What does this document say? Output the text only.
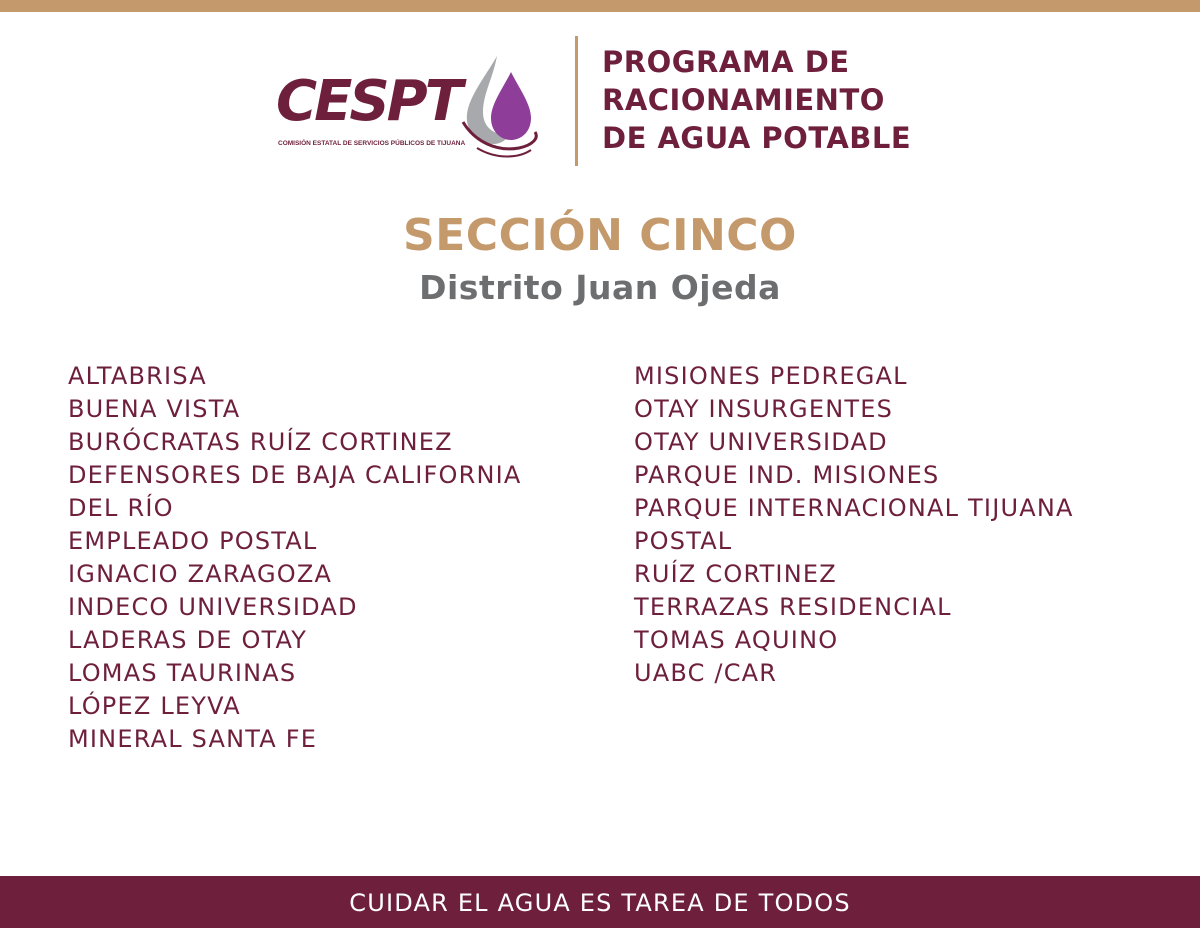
CESPT
COMISIÓN ESTATAL DE SERVICIOS PÚBLICOS DE TIJUANA
PROGRAMA DE
RACIONAMIENTO
DE AGUA POTABLE
SECCIÓN CINCO
Distrito Juan Ojeda
ALTABRISA
BUENA VISTA
BURÓCRATAS RUÍZ CORTINEZ
DEFENSORES DE BAJA CALIFORNIA
DEL RÍO
EMPLEADO POSTAL
IGNACIO ZARAGOZA
INDECO UNIVERSIDAD
LADERAS DE OTAY
LOMAS TAURINAS
LÓPEZ LEYVA
MINERAL SANTA FE
MISIONES PEDREGAL
OTAY INSURGENTES
OTAY UNIVERSIDAD
PARQUE IND. MISIONES
PARQUE INTERNACIONAL TIJUANA
POSTAL
RUÍZ CORTINEZ
TERRAZAS RESIDENCIAL
TOMAS AQUINO
UABC /CAR
CUIDAR EL AGUA ES TAREA DE TODOS
